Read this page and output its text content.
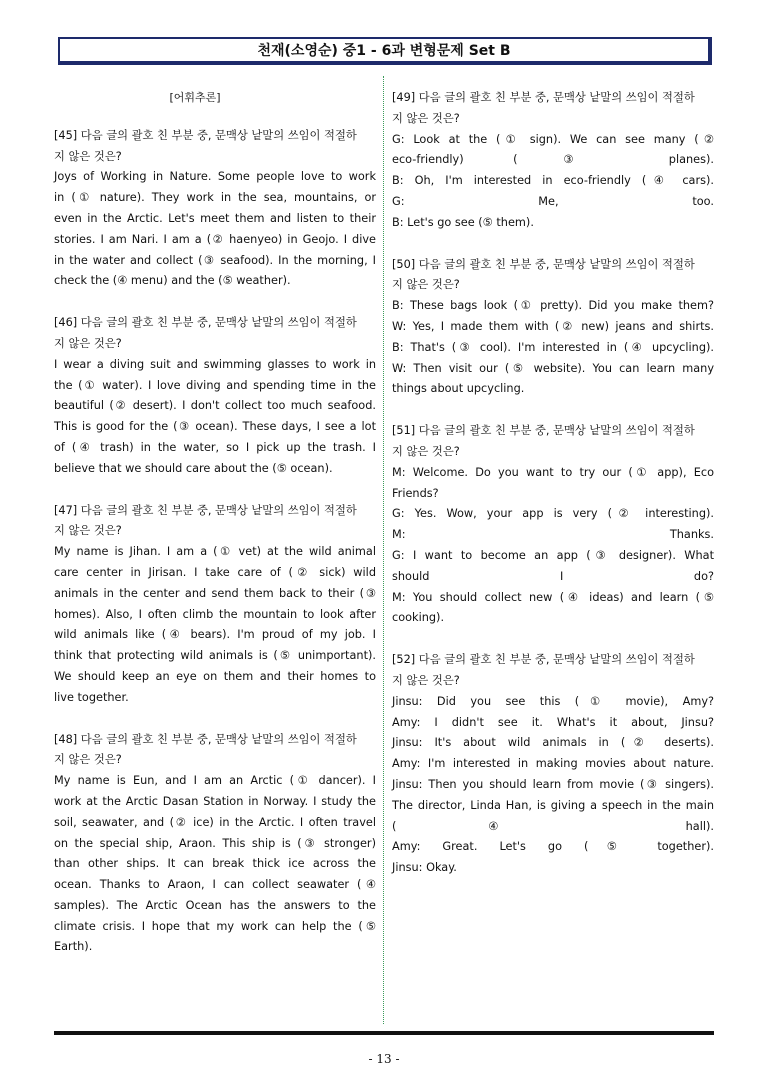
천재(소영순) 중1 - 6과 변형문제 Set B
[어휘추론]
[45] 다음 글의 괄호 친 부분 중, 문맥상 낱말의 쓰임이 적절하
지 않은 것은?
Joys of Working in Nature. Some people love to work
in (① nature). They work in the sea, mountains, or
even in the Arctic. Let's meet them and listen to their
stories. I am Nari. I am a (② haenyeo) in Geojo. I dive
in the water and collect (③ seafood). In the morning, I
check the (④ menu) and the (⑤ weather).
[46] 다음 글의 괄호 친 부분 중, 문맥상 낱말의 쓰임이 적절하
지 않은 것은?
I wear a diving suit and swimming glasses to work in
the (① water). I love diving and spending time in the
beautiful (② desert). I don't collect too much seafood.
This is good for the (③ ocean). These days, I see a lot
of (④ trash) in the water, so I pick up the trash. I
believe that we should care about the (⑤ ocean).
[47] 다음 글의 괄호 친 부분 중, 문맥상 낱말의 쓰임이 적절하
지 않은 것은?
My name is Jihan. I am a (① vet) at the wild animal
care center in Jirisan. I take care of (② sick) wild
animals in the center and send them back to their (③
homes). Also, I often climb the mountain to look after
wild animals like (④ bears). I'm proud of my job. I
think that protecting wild animals is (⑤ unimportant).
We should keep an eye on them and their homes to
live together.
[48] 다음 글의 괄호 친 부분 중, 문맥상 낱말의 쓰임이 적절하
지 않은 것은?
My name is Eun, and I am an Arctic (① dancer). I
work at the Arctic Dasan Station in Norway. I study the
soil, seawater, and (② ice) in the Arctic. I often travel
on the special ship, Araon. This ship is (③ stronger)
than other ships. It can break thick ice across the
ocean. Thanks to Araon, I can collect seawater (④
samples). The Arctic Ocean has the answers to the
climate crisis. I hope that my work can help the (⑤
Earth).
[49] 다음 글의 괄호 친 부분 중, 문맥상 낱말의 쓰임이 적절하
지 않은 것은?
G: Look at the (① sign). We can see many (②
eco-friendly) (③ planes).
B: Oh, I'm interested in eco-friendly (④ cars).
G: Me, too.
B: Let's go see (⑤ them).
[50] 다음 글의 괄호 친 부분 중, 문맥상 낱말의 쓰임이 적절하
지 않은 것은?
B: These bags look (① pretty). Did you make them?
W: Yes, I made them with (② new) jeans and shirts.
B: That's (③ cool). I'm interested in (④ upcycling).
W: Then visit our (⑤ website). You can learn many
things about upcycling.
[51] 다음 글의 괄호 친 부분 중, 문맥상 낱말의 쓰임이 적절하
지 않은 것은?
M: Welcome. Do you want to try our (① app), Eco
Friends?
G: Yes. Wow, your app is very (② interesting).
M: Thanks.
G: I want to become an app (③ designer). What
should I do?
M: You should collect new (④ ideas) and learn (⑤
cooking).
[52] 다음 글의 괄호 친 부분 중, 문맥상 낱말의 쓰임이 적절하
지 않은 것은?
Jinsu: Did you see this (① movie), Amy?
Amy: I didn't see it. What's it about, Jinsu?
Jinsu: It's about wild animals in (② deserts).
Amy: I'm interested in making movies about nature.
Jinsu: Then you should learn from movie (③ singers).
The director, Linda Han, is giving a speech in the main
(④ hall).
Amy: Great. Let's go (⑤ together).
Jinsu: Okay.
- 13 -
